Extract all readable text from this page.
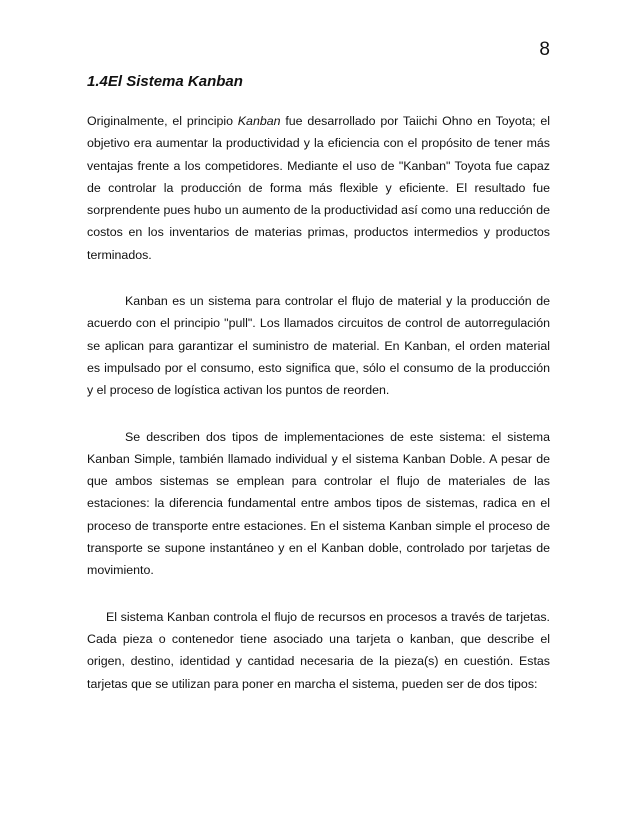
8
1.4El Sistema Kanban

Originalmente, el principio Kanban fue desarrollado por Taiichi Ohno en Toyota; el objetivo era aumentar la productividad y la eficiencia con el propósito de tener más ventajas frente a los competidores. Mediante el uso de "Kanban" Toyota fue capaz de controlar la producción de forma más flexible y eficiente. El resultado fue sorprendente pues hubo un aumento de la productividad así como una reducción de costos en los inventarios de materias primas, productos intermedios y productos terminados.

Kanban es un sistema para controlar el flujo de material y la producción de acuerdo con el principio "pull". Los llamados circuitos de control de autorregulación se aplican para garantizar el suministro de material. En Kanban, el orden material es impulsado por el consumo, esto significa que, sólo el consumo de la producción y el proceso de logística activan los puntos de reorden.

Se describen dos tipos de implementaciones de este sistema: el sistema Kanban Simple, también llamado individual y el sistema Kanban Doble. A pesar de que ambos sistemas se emplean para controlar el flujo de materiales de las estaciones: la diferencia fundamental entre ambos tipos de sistemas, radica en el proceso de transporte entre estaciones. En el sistema Kanban simple el proceso de transporte se supone instantáneo y en el Kanban doble, controlado por tarjetas de movimiento.

El sistema Kanban controla el flujo de recursos en procesos a través de tarjetas. Cada pieza o contenedor tiene asociado una tarjeta o kanban, que describe el origen, destino, identidad y cantidad necesaria de la pieza(s) en cuestión. Estas tarjetas que se utilizan para poner en marcha el sistema, pueden ser de dos tipos:
